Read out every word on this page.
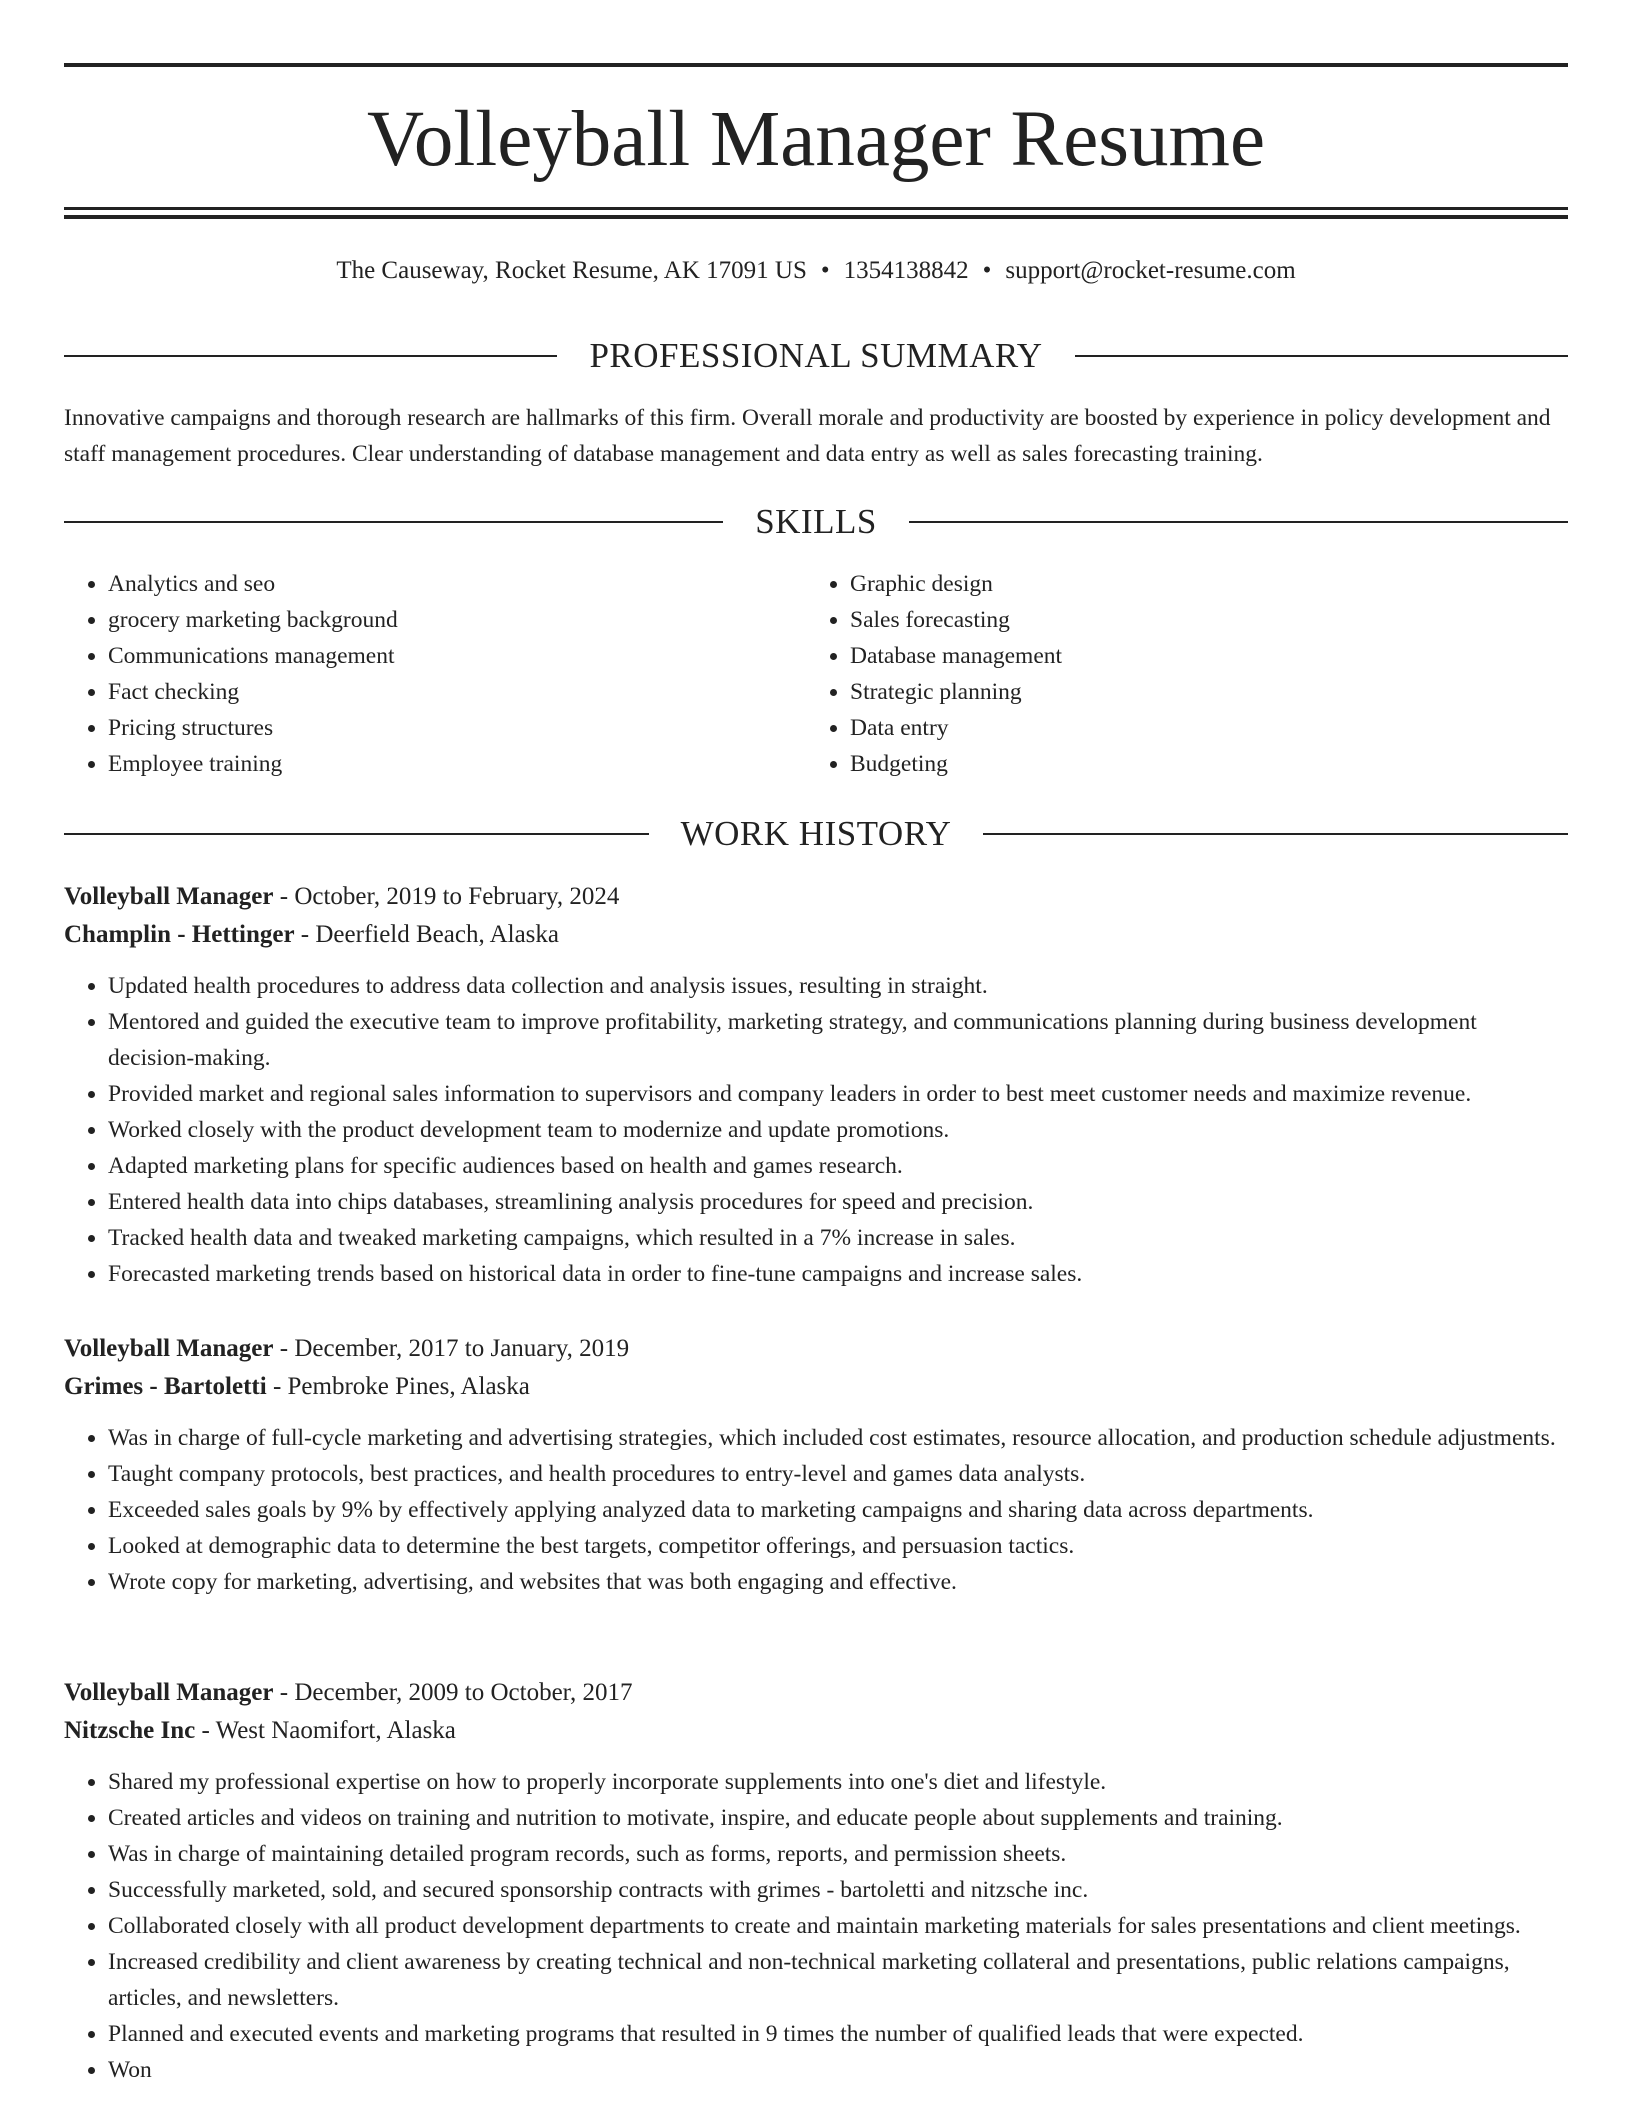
Volleyball Manager Resume
The Causeway, Rocket Resume, AK 17091 US • 1354138842 • support@rocket-resume.com
PROFESSIONAL SUMMARY
Innovative campaigns and thorough research are hallmarks of this firm. Overall morale and productivity are boosted by experience in policy development and staff management procedures. Clear understanding of database management and data entry as well as sales forecasting training.
SKILLS
• Analytics and seo
• grocery marketing background
• Communications management
• Fact checking
• Pricing structures
• Employee training
• Graphic design
• Sales forecasting
• Database management
• Strategic planning
• Data entry
• Budgeting
WORK HISTORY
Volleyball Manager - October, 2019 to February, 2024
Champlin - Hettinger - Deerfield Beach, Alaska
• Updated health procedures to address data collection and analysis issues, resulting in straight.
• Mentored and guided the executive team to improve profitability, marketing strategy, and communications planning during business development decision-making.
• Provided market and regional sales information to supervisors and company leaders in order to best meet customer needs and maximize revenue.
• Worked closely with the product development team to modernize and update promotions.
• Adapted marketing plans for specific audiences based on health and games research.
• Entered health data into chips databases, streamlining analysis procedures for speed and precision.
• Tracked health data and tweaked marketing campaigns, which resulted in a 7% increase in sales.
• Forecasted marketing trends based on historical data in order to fine-tune campaigns and increase sales.
Volleyball Manager - December, 2017 to January, 2019
Grimes - Bartoletti - Pembroke Pines, Alaska
• Was in charge of full-cycle marketing and advertising strategies, which included cost estimates, resource allocation, and production schedule adjustments.
• Taught company protocols, best practices, and health procedures to entry-level and games data analysts.
• Exceeded sales goals by 9% by effectively applying analyzed data to marketing campaigns and sharing data across departments.
• Looked at demographic data to determine the best targets, competitor offerings, and persuasion tactics.
• Wrote copy for marketing, advertising, and websites that was both engaging and effective.
Volleyball Manager - December, 2009 to October, 2017
Nitzsche Inc - West Naomifort, Alaska
• Shared my professional expertise on how to properly incorporate supplements into one's diet and lifestyle.
• Created articles and videos on training and nutrition to motivate, inspire, and educate people about supplements and training.
• Was in charge of maintaining detailed program records, such as forms, reports, and permission sheets.
• Successfully marketed, sold, and secured sponsorship contracts with grimes - bartoletti and nitzsche inc.
• Collaborated closely with all product development departments to create and maintain marketing materials for sales presentations and client meetings.
• Increased credibility and client awareness by creating technical and non-technical marketing collateral and presentations, public relations campaigns, articles, and newsletters.
• Planned and executed events and marketing programs that resulted in 9 times the number of qualified leads that were expected.
• Won
